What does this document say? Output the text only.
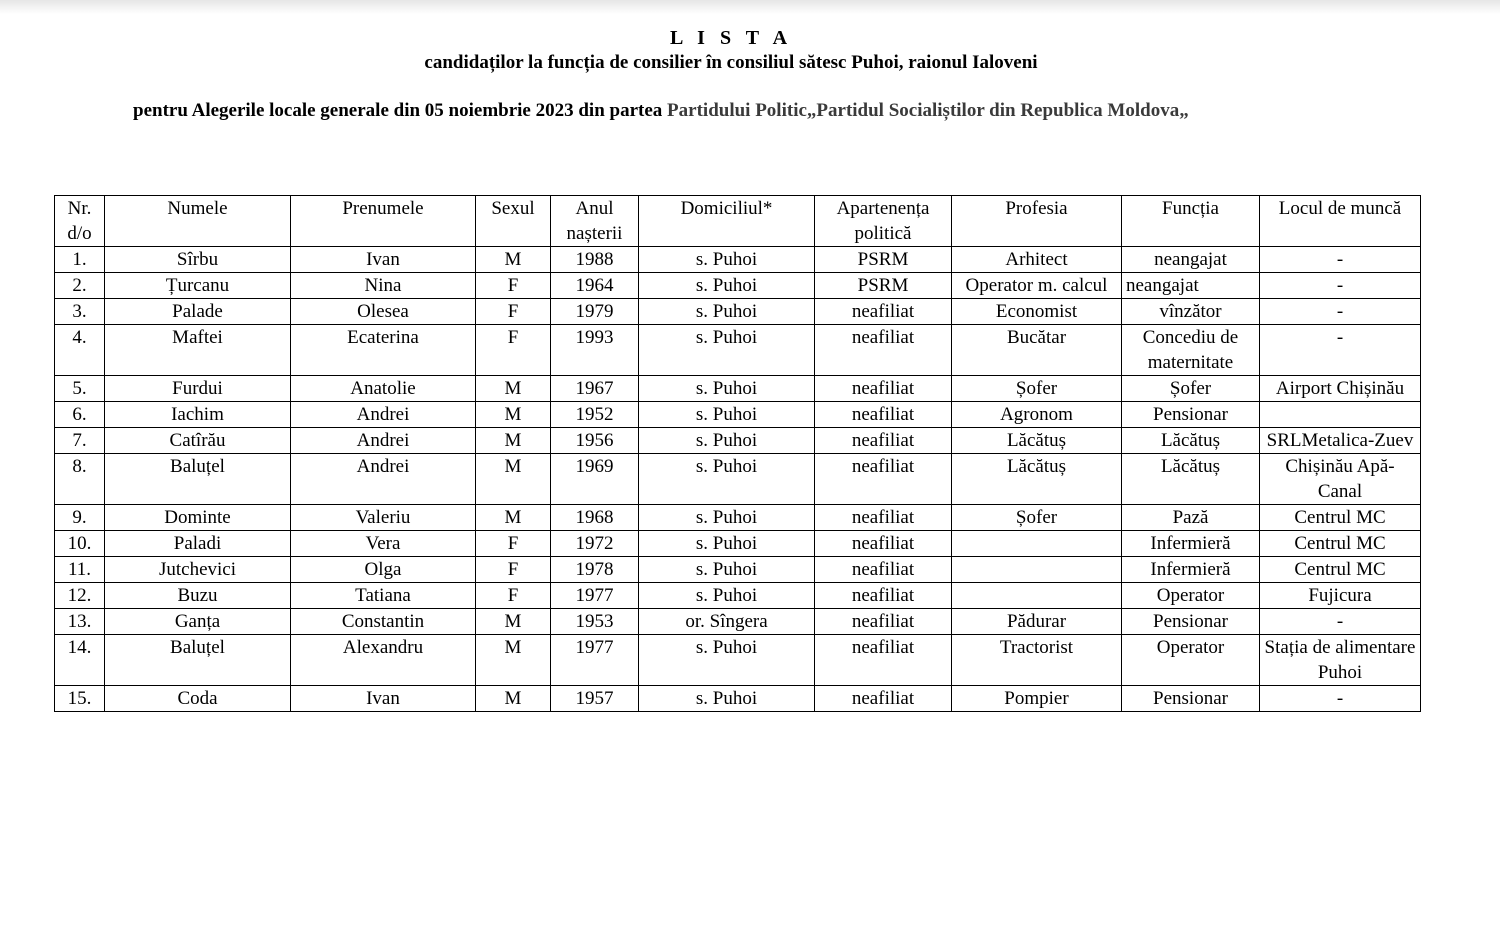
L I S T A
candidaților la funcția de consilier în consiliul sătesc Puhoi, raionul Ialoveni
pentru Alegerile locale generale din 05 noiembrie 2023 din partea Partidului Politic„Partidul Socialiștilor din Republica Moldova„
Nr. d/o	Numele	Prenumele	Sexul	Anul nașterii	Domiciliul*	Apartenența politică	Profesia	Funcția	Locul de muncă
1.	Sîrbu	Ivan	M	1988	s. Puhoi	PSRM	Arhitect	neangajat	-
2.	Țurcanu	Nina	F	1964	s. Puhoi	PSRM	Operator m. calcul	neangajat	-
3.	Palade	Olesea	F	1979	s. Puhoi	neafiliat	Economist	vînzător	-
4.	Maftei	Ecaterina	F	1993	s. Puhoi	neafiliat	Bucătar	Concediu de maternitate	-
5.	Furdui	Anatolie	M	1967	s. Puhoi	neafiliat	Șofer	Șofer	Airport Chișinău
6.	Iachim	Andrei	M	1952	s. Puhoi	neafiliat	Agronom	Pensionar	
7.	Catîrău	Andrei	M	1956	s. Puhoi	neafiliat	Lăcătuș	Lăcătuș	SRLMetalica-Zuev
8.	Baluțel	Andrei	M	1969	s. Puhoi	neafiliat	Lăcătuș	Lăcătuș	Chișinău Apă-Canal
9.	Dominte	Valeriu	M	1968	s. Puhoi	neafiliat	Șofer	Pază	Centrul MC
10.	Paladi	Vera	F	1972	s. Puhoi	neafiliat		Infermieră	Centrul MC
11.	Jutchevici	Olga	F	1978	s. Puhoi	neafiliat		Infermieră	Centrul MC
12.	Buzu	Tatiana	F	1977	s. Puhoi	neafiliat		Operator	Fujicura
13.	Ganța	Constantin	M	1953	or. Sîngera	neafiliat	Pădurar	Pensionar	-
14.	Baluțel	Alexandru	M	1977	s. Puhoi	neafiliat	Tractorist	Operator	Stația de alimentare Puhoi
15.	Coda	Ivan	M	1957	s. Puhoi	neafiliat	Pompier	Pensionar	-
